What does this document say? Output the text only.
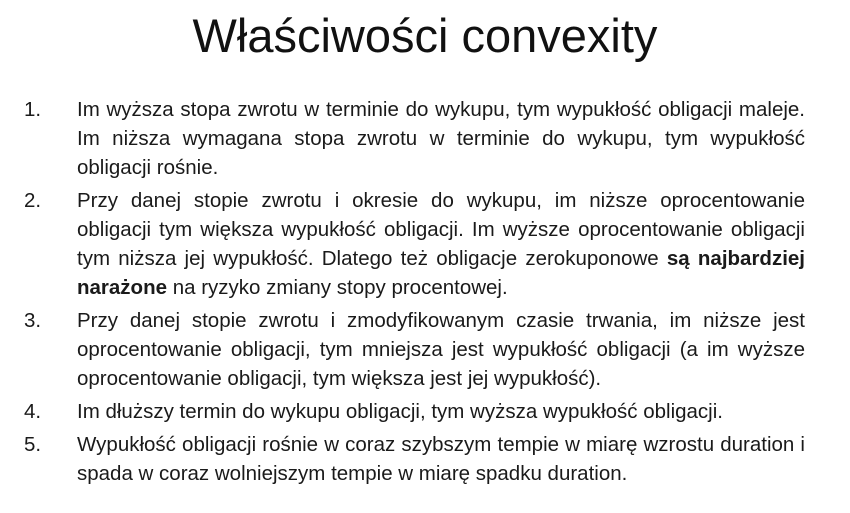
Właściwości convexity
1. Im wyższa stopa zwrotu w terminie do wykupu, tym wypukłość obligacji maleje. Im niższa wymagana stopa zwrotu w terminie do wykupu, tym wypukłość obligacji rośnie.
2. Przy danej stopie zwrotu i okresie do wykupu, im niższe oprocentowanie obligacji tym większa wypukłość obligacji. Im wyższe oprocentowanie obligacji tym niższa jej wypukłość. Dlatego też obligacje zerokuponowe są najbardziej narażone na ryzyko zmiany stopy procentowej.
3. Przy danej stopie zwrotu i zmodyfikowanym czasie trwania, im niższe jest oprocentowanie obligacji, tym mniejsza jest wypukłość obligacji (a im wyższe oprocentowanie obligacji, tym większa jest jej wypukłość).
4. Im dłuższy termin do wykupu obligacji, tym wyższa wypukłość obligacji.
5. Wypukłość obligacji rośnie w coraz szybszym tempie w miarę wzrostu duration i spada w coraz wolniejszym tempie w miarę spadku duration.
